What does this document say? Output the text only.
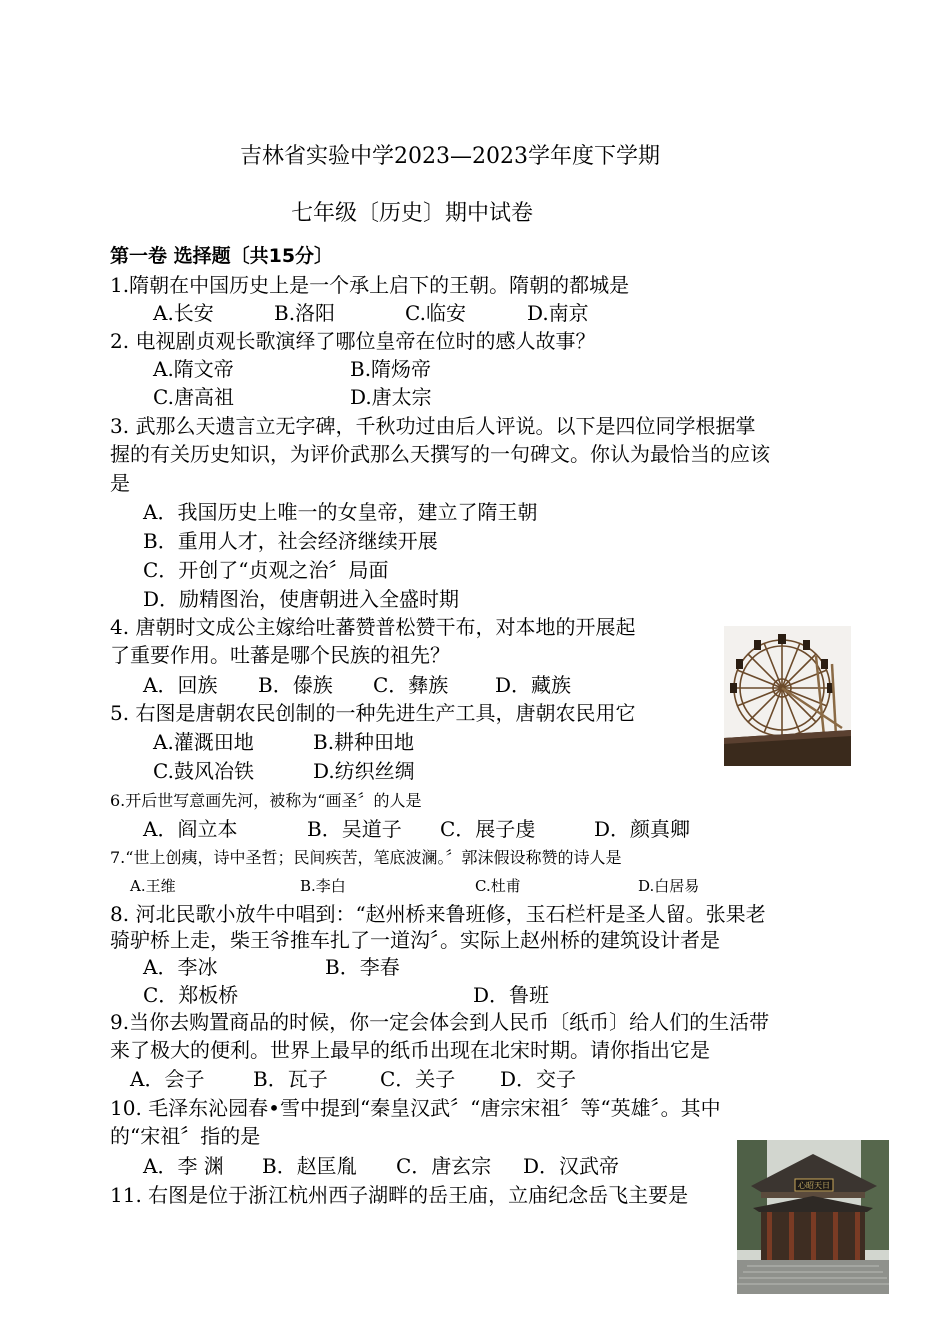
吉林省实验中学2023—2023学年度下学期
七年级〔历史〕期中试卷
第一卷 选择题〔共15分〕
1.隋朝在中国历史上是一个承上启下的王朝。隋朝的都城是
A.长安	B.洛阳	C.临安	D.南京
2. 电视剧贞观长歌演绎了哪位皇帝在位时的感人故事？
A.隋文帝	B.隋炀帝
C.唐高祖	D.唐太宗
3. 武那么天遗言立无字碑，千秋功过由后人评说。以下是四位同学根据掌
握的有关历史知识，为评价武那么天撰写的一句碑文。你认为最恰当的应该
是
A．我国历史上唯一的女皇帝，建立了隋王朝
B．重用人才，社会经济继续开展
C．开创了“贞观之治〞局面
D．励精图治，使唐朝进入全盛时期
4. 唐朝时文成公主嫁给吐蕃赞普松赞干布，对本地的开展起
了重要作用。吐蕃是哪个民族的祖先？
A．回族 B．傣族 C．彝族 D．藏族
5. 右图是唐朝农民创制的一种先进生产工具，唐朝农民用它
A.灌溉田地	B.耕种田地
C.鼓风冶铁	D.纺织丝绸
6.开后世写意画先河，被称为“画圣〞的人是
A．阎立本	B．吴道子 C．展子虔	D．颜真卿
7.“世上创痍，诗中圣哲；民间疾苦，笔底波澜。〞郭沫假设称赞的诗人是
A.王维	B.李白	C.杜甫	D.白居易
8. 河北民歌小放牛中唱到：“赵州桥来鲁班修，玉石栏杆是圣人留。张果老
骑驴桥上走，柴王爷推车扎了一道沟〞。实际上赵州桥的建筑设计者是
A．李冰	B．李春
C．郑板桥	D．鲁班
9.当你去购置商品的时候，你一定会体会到人民币〔纸币〕给人们的生活带
来了极大的便利。世界上最早的纸币出现在北宋时期。请你指出它是
A．会子 B．瓦子	C．关子 D．交子
10. 毛泽东沁园春•雪中提到“秦皇汉武〞“唐宗宋祖〞等“英雄〞。其中
的“宋祖〞指的是
A．李 渊 B．赵匡胤 C．唐玄宗 D．汉武帝
11. 右图是位于浙江杭州西子湖畔的岳王庙，立庙纪念岳飞主要是	心昭天日
